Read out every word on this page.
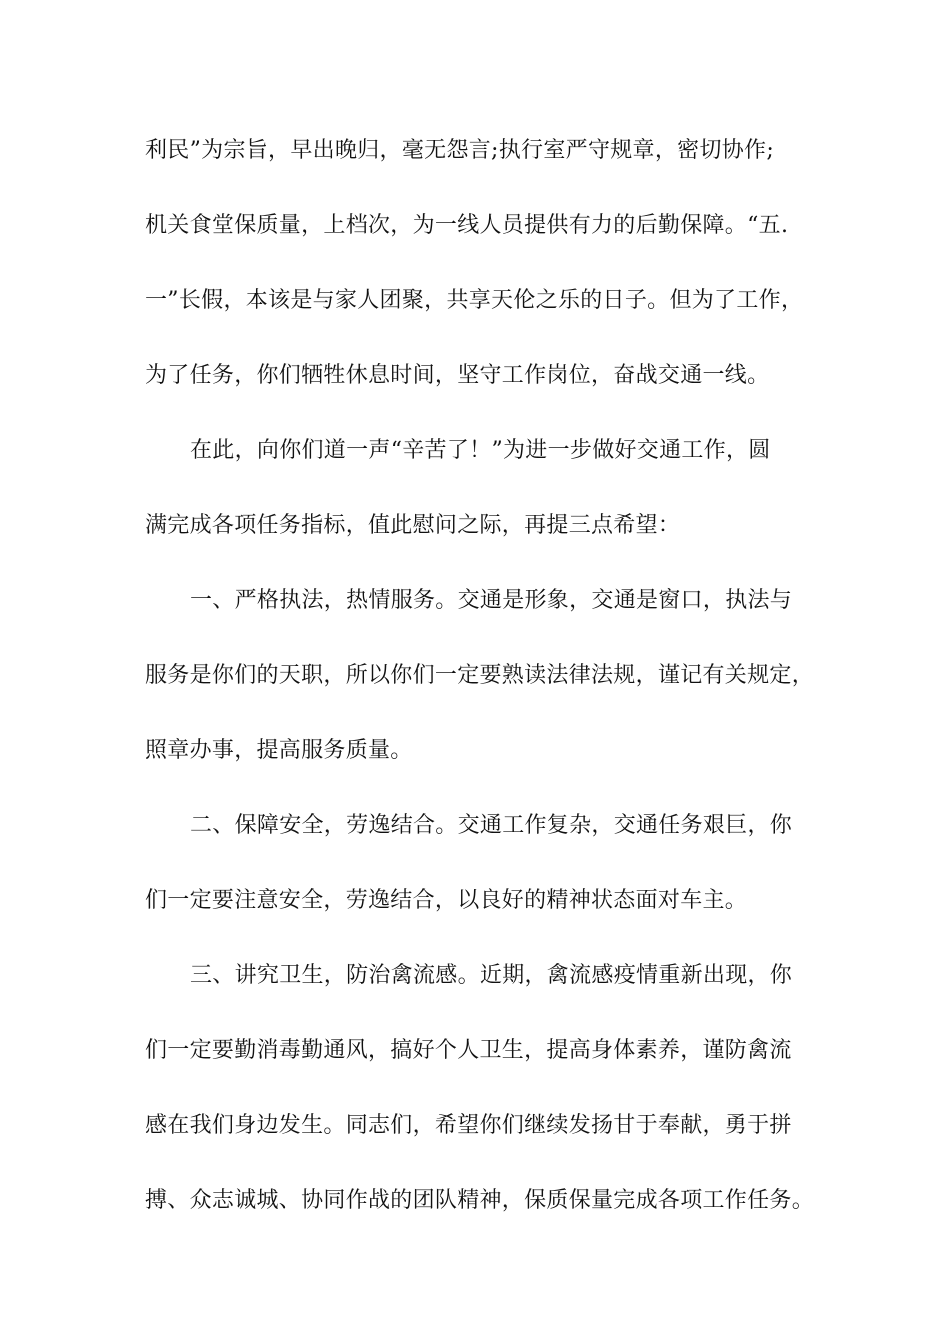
利民”为宗旨，早出晚归，毫无怨言;执行室严守规章，密切协作;
机关食堂保质量，上档次，为一线人员提供有力的后勤保障。“五.
一”长假，本该是与家人团聚，共享天伦之乐的日子。但为了工作，
为了任务，你们牺牲休息时间，坚守工作岗位，奋战交通一线。
在此，向你们道一声“辛苦了！”为进一步做好交通工作，圆
满完成各项任务指标，值此慰问之际，再提三点希望：
一、严格执法，热情服务。交通是形象，交通是窗口，执法与
服务是你们的天职，所以你们一定要熟读法律法规，谨记有关规定，
照章办事，提高服务质量。
二、保障安全，劳逸结合。交通工作复杂，交通任务艰巨，你
们一定要注意安全，劳逸结合，以良好的精神状态面对车主。
三、讲究卫生，防治禽流感。近期，禽流感疫情重新出现，你
们一定要勤消毒勤通风，搞好个人卫生，提高身体素养，谨防禽流
感在我们身边发生。同志们，希望你们继续发扬甘于奉献，勇于拼
搏、众志诚城、协同作战的团队精神，保质保量完成各项工作任务。
